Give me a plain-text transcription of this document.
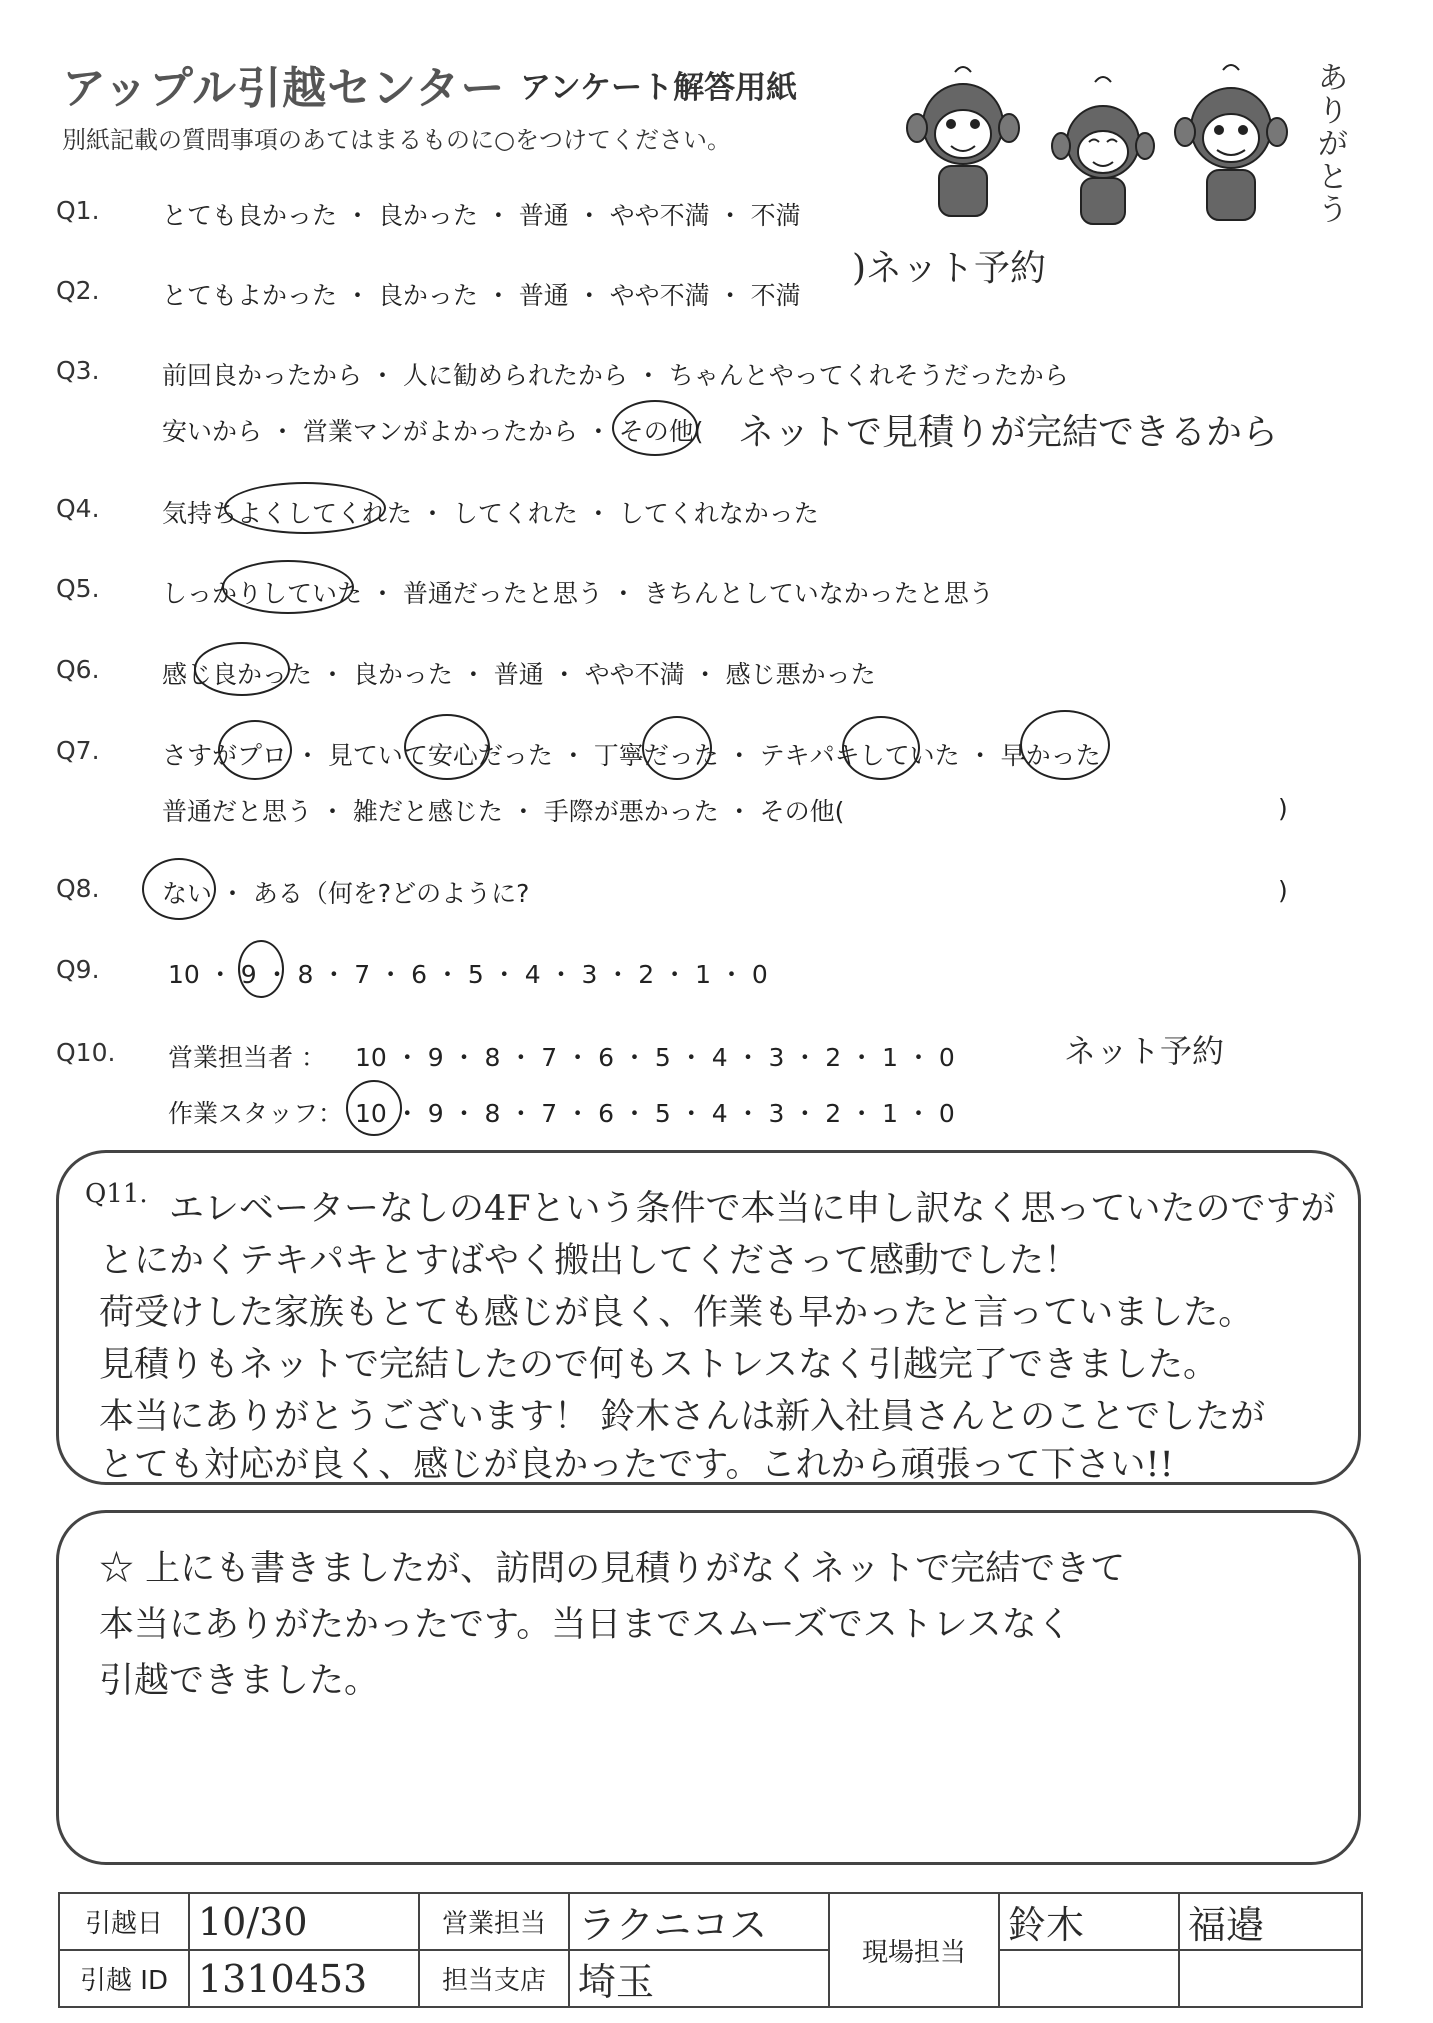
アップル引越センター アンケート解答用紙
別紙記載の質問事項のあてはまるものに○をつけてください。
ありがとう
Q1. とても良かった ・ 良かった ・ 普通 ・ やや不満 ・ 不満
Q2. とてもよかった ・ 良かった ・ 普通 ・ やや不満 ・ 不満
)ネット予約
Q3. 前回良かったから ・ 人に勧められたから ・ ちゃんとやってくれそうだったから
安いから ・ 営業マンがよかったから ・ その他( ネットで見積りが完結できるから
Q4. 気持ちよくしてくれた ・ してくれた ・ してくれなかった
Q5. しっかりしていた ・ 普通だったと思う ・ きちんとしていなかったと思う
Q6. 感じ良かった ・ 良かった ・ 普通 ・ やや不満 ・ 感じ悪かった
Q7. さすがプロ ・ 見ていて安心だった ・ 丁寧だった ・ テキパキしていた ・ 早かった
普通だと思う ・ 雑だと感じた ・ 手際が悪かった ・ その他(	)
Q8. ない ・ ある（何を?どのように?	)
Q9.	10 ・ 9 ・ 8 ・ 7 ・ 6 ・ 5 ・ 4 ・ 3 ・ 2 ・ 1 ・ 0
Q10. 営業担当者 ： 10 ・ 9 ・ 8 ・ 7 ・ 6 ・ 5 ・ 4 ・ 3 ・ 2 ・ 1 ・ 0	ネット予約
作業スタッフ： 10 ・ 9 ・ 8 ・ 7 ・ 6 ・ 5 ・ 4 ・ 3 ・ 2 ・ 1 ・ 0
Q11. エレベーターなしの4Fという条件で本当に申し訳なく思っていたのですが
とにかくテキパキとすばやく搬出してくださって感動でした！
荷受けした家族もとても感じが良く、作業も早かったと言っていました。
見積りもネットで完結したので何もストレスなく引越完了できました。
本当にありがとうございます！ 鈴木さんは新入社員さんとのことでしたが
とても対応が良く、感じが良かったです。これから頑張って下さい!!
☆ 上にも書きましたが、訪問の見積りがなくネットで完結できて
本当にありがたかったです。当日までスムーズでストレスなく
引越できました。
引越日	10/30	営業担当	ラクニコス	現場担当	鈴木	福邉
引越 ID	1310453	担当支店	埼玉			
